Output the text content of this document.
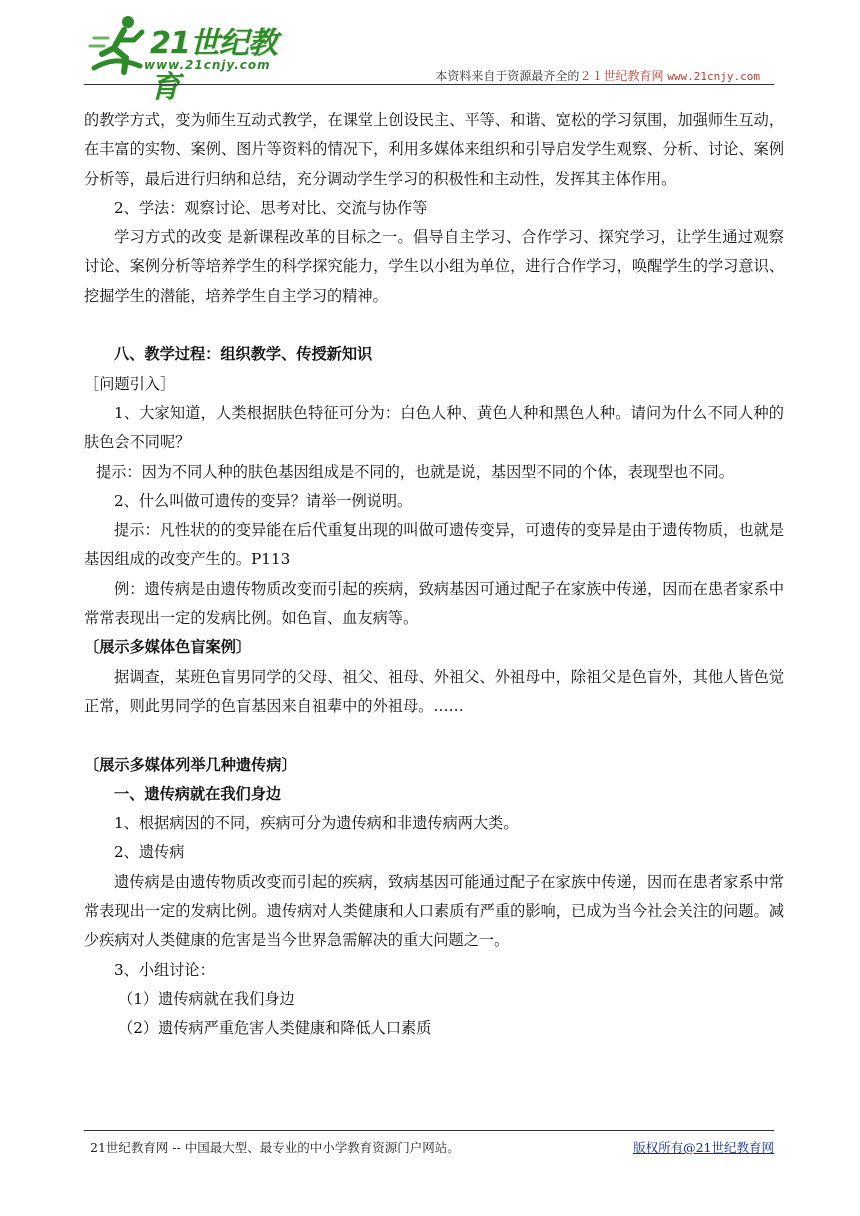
21世纪教育
www.21cnjy.com
本资料来自于资源最齐全的２１世纪教育网 www.21cnjy.com

的教学方式，变为师生互动式教学，在课堂上创设民主、平等、和谐、宽松的学习氛围，加强师生互动，在丰富的实物、案例、图片等资料的情况下，利用多媒体来组织和引导启发学生观察、分析、讨论、案例分析等，最后进行归纳和总结，充分调动学生学习的积极性和主动性，发挥其主体作用。

2、学法：观察讨论、思考对比、交流与协作等

学习方式的改变 是新课程改革的目标之一。倡导自主学习、合作学习、探究学习，让学生通过观察讨论、案例分析等培养学生的科学探究能力，学生以小组为单位，进行合作学习，唤醒学生的学习意识、挖掘学生的潜能，培养学生自主学习的精神。

八、教学过程：组织教学、传授新知识

［问题引入］

1、大家知道，人类根据肤色特征可分为：白色人种、黄色人种和黑色人种。请问为什么不同人种的肤色会不同呢？

提示：因为不同人种的肤色基因组成是不同的，也就是说，基因型不同的个体，表现型也不同。

2、什么叫做可遗传的变异？请举一例说明。

提示：凡性状的的变异能在后代重复出现的叫做可遗传变异，可遗传的变异是由于遗传物质，也就是基因组成的改变产生的。P113

例：遗传病是由遗传物质改变而引起的疾病，致病基因可通过配子在家族中传递，因而在患者家系中常常表现出一定的发病比例。如色盲、血友病等。

〔展示多媒体色盲案例〕

据调查，某班色盲男同学的父母、祖父、祖母、外祖父、外祖母中，除祖父是色盲外，其他人皆色觉正常，则此男同学的色盲基因来自祖辈中的外祖母。……

〔展示多媒体列举几种遗传病〕

一、遗传病就在我们身边

1、根据病因的不同，疾病可分为遗传病和非遗传病两大类。

2、遗传病

遗传病是由遗传物质改变而引起的疾病，致病基因可能通过配子在家族中传递，因而在患者家系中常常表现出一定的发病比例。遗传病对人类健康和人口素质有严重的影响，已成为当今社会关注的问题。减少疾病对人类健康的危害是当今世界急需解决的重大问题之一。

3、小组讨论：

（1）遗传病就在我们身边

（2）遗传病严重危害人类健康和降低人口素质

21世纪教育网 -- 中国最大型、最专业的中小学教育资源门户网站。	版权所有@21世纪教育网
